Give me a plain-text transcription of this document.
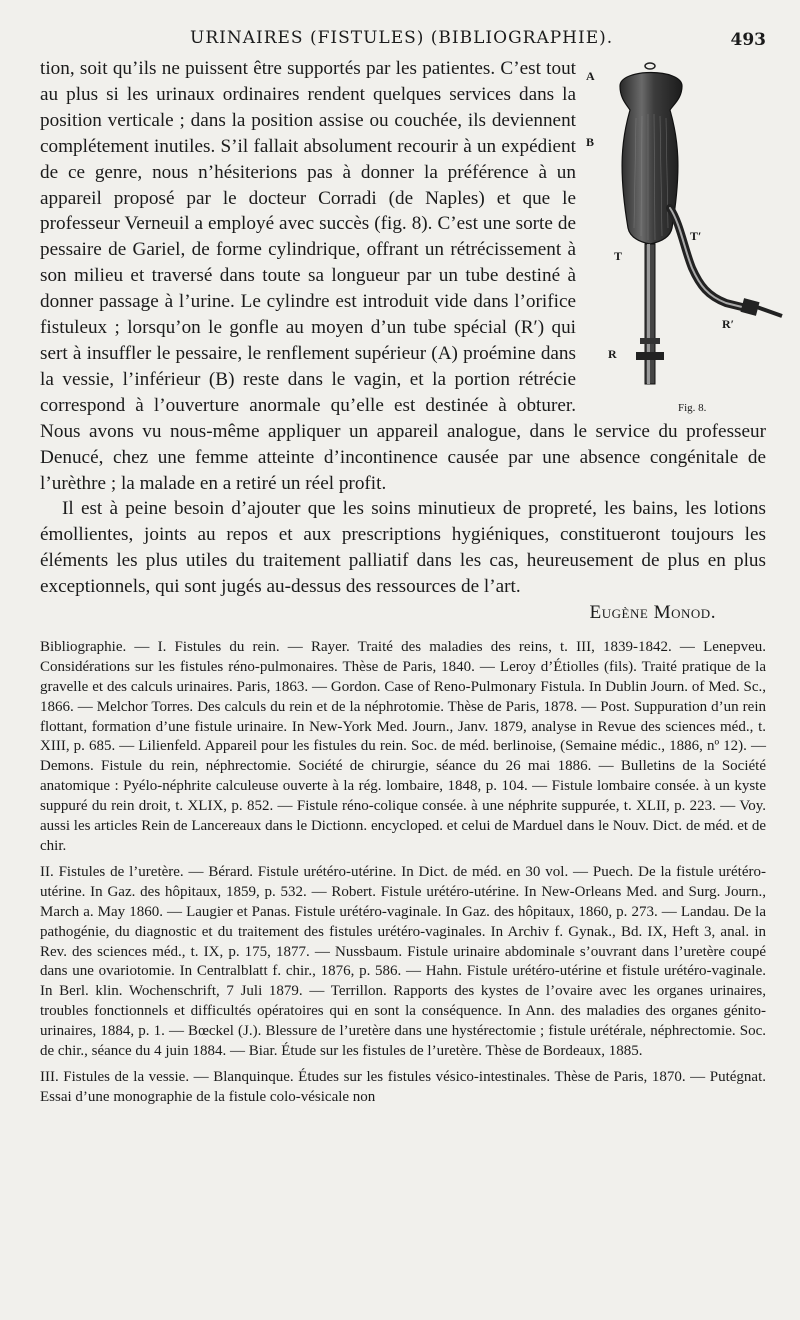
URINAIRES (FISTULES) (BIBLIOGRAPHIE).	493
A
B
T
T′
R
R′
Fig. 8.

tion, soit qu’ils ne puissent être supportés par les patientes. C’est tout au plus si les urinaux ordinaires rendent quelques services dans la position verticale ; dans la position assise ou couchée, ils deviennent complétement inutiles. S’il fallait absolument recourir à un expédient de ce genre, nous n’hésiterions pas à donner la préférence à un appareil proposé par le docteur Corradi (de Naples) et que le professeur Verneuil a employé avec succès (fig. 8). C’est une sorte de pessaire de Gariel, de forme cylindrique, offrant un rétrécissement à son milieu et traversé dans toute sa longueur par un tube destiné à donner passage à l’urine. Le cylindre est introduit vide dans l’orifice fistuleux ; lorsqu’on le gonfle au moyen d’un tube spécial (R′) qui sert à insuffler le pessaire, le renflement supérieur (A) proémine dans la vessie, l’inférieur (B) reste dans le vagin, et la portion rétrécie correspond à l’ouverture anormale qu’elle est destinée à obturer. Nous avons vu nous-même appliquer un appareil analogue, dans le service du professeur Denucé, chez une femme atteinte d’incontinence causée par une absence congénitale de l’urèthre ; la malade en a retiré un réel profit.

Il est à peine besoin d’ajouter que les soins minutieux de propreté, les bains, les lotions émollientes, joints au repos et aux prescriptions hygiéniques, constitueront toujours les éléments les plus utiles du traitement palliatif dans les cas, heureusement de plus en plus exceptionnels, qui sont jugés au-dessus des ressources de l’art.

Eugène Monod.

Bibliographie. — I. Fistules du rein. — Rayer. Traité des maladies des reins, t. III, 1839-1842. — Lenepveu. Considérations sur les fistules réno-pulmonaires. Thèse de Paris, 1840. — Leroy d’Étiolles (fils). Traité pratique de la gravelle et des calculs urinaires. Paris, 1863. — Gordon. Case of Reno-Pulmonary Fistula. In Dublin Journ. of Med. Sc., 1866. — Melchor Torres. Des calculs du rein et de la néphrotomie. Thèse de Paris, 1878. — Post. Suppuration d’un rein flottant, formation d’une fistule urinaire. In New-York Med. Journ., Janv. 1879, analyse in Revue des sciences méd., t. XIII, p. 685. — Lilienfeld. Appareil pour les fistules du rein. Soc. de méd. berlinoise, (Semaine médic., 1886, nº 12). — Demons. Fistule du rein, néphrectomie. Société de chirurgie, séance du 26 mai 1886. — Bulletins de la Société anatomique : Pyélo-néphrite calculeuse ouverte à la rég. lombaire, 1848, p. 104. — Fistule lombaire consée. à un kyste suppuré du rein droit, t. XLIX, p. 852. — Fistule réno-colique consée. à une néphrite suppurée, t. XLII, p. 223. — Voy. aussi les articles Rein de Lancereaux dans le Dictionn. encycloped. et celui de Marduel dans le Nouv. Dict. de méd. et de chir.

II. Fistules de l’uretère. — Bérard. Fistule urétéro-utérine. In Dict. de méd. en 30 vol. — Puech. De la fistule urétéro-utérine. In Gaz. des hôpitaux, 1859, p. 532. — Robert. Fistule urétéro-utérine. In New-Orleans Med. and Surg. Journ., March a. May 1860. — Laugier et Panas. Fistule urétéro-vaginale. In Gaz. des hôpitaux, 1860, p. 273. — Landau. De la pathogénie, du diagnostic et du traitement des fistules urétéro-vaginales. In Archiv f. Gynak., Bd. IX, Heft 3, anal. in Rev. des sciences méd., t. IX, p. 175, 1877. — Nussbaum. Fistule urinaire abdominale s’ouvrant dans l’uretère coupé dans une ovariotomie. In Centralblatt f. chir., 1876, p. 586. — Hahn. Fistule urétéro-utérine et fistule urétéro-vaginale. In Berl. klin. Wochenschrift, 7 Juli 1879. — Terrillon. Rapports des kystes de l’ovaire avec les organes urinaires, troubles fonctionnels et difficultés opératoires qui en sont la conséquence. In Ann. des maladies des organes génito-urinaires, 1884, p. 1. — Bœckel (J.). Blessure de l’uretère dans une hystérectomie ; fistule urétérale, néphrectomie. Soc. de chir., séance du 4 juin 1884. — Biar. Étude sur les fistules de l’uretère. Thèse de Bordeaux, 1885.

III. Fistules de la vessie. — Blanquinque. Études sur les fistules vésico-intestinales. Thèse de Paris, 1870. — Putégnat. Essai d’une monographie de la fistule colo-vésicale non
